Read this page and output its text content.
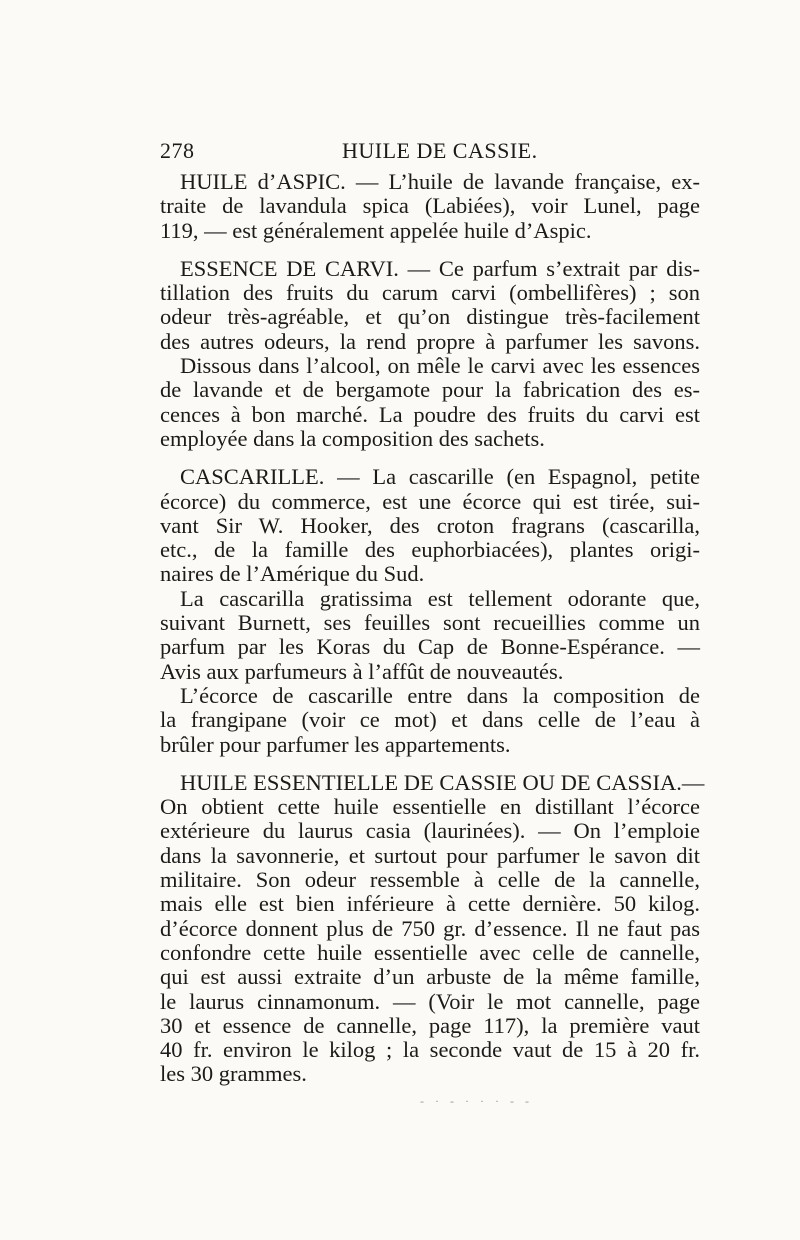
278	HUILE DE CASSIE.
HUILE d’ASPIC. — L’huile de lavande française, ex-
traite de lavandula spica (Labiées), voir Lunel, page
119, — est généralement appelée huile d’Aspic.
ESSENCE DE CARVI. — Ce parfum s’extrait par dis-
tillation des fruits du carum carvi (ombellifères) ; son
odeur très-agréable, et qu’on distingue très-facilement
des autres odeurs, la rend propre à parfumer les savons.
Dissous dans l’alcool, on mêle le carvi avec les essences
de lavande et de bergamote pour la fabrication des es-
cences à bon marché. La poudre des fruits du carvi est
employée dans la composition des sachets.
CASCARILLE. — La cascarille (en Espagnol, petite
écorce) du commerce, est une écorce qui est tirée, sui-
vant Sir W. Hooker, des croton fragrans (cascarilla,
etc., de la famille des euphorbiacées), plantes origi-
naires de l’Amérique du Sud.
La cascarilla gratissima est tellement odorante que,
suivant Burnett, ses feuilles sont recueillies comme un
parfum par les Koras du Cap de Bonne-Espérance. —
Avis aux parfumeurs à l’affût de nouveautés.
L’écorce de cascarille entre dans la composition de
la frangipane (voir ce mot) et dans celle de l’eau à
brûler pour parfumer les appartements.
HUILE ESSENTIELLE DE CASSIE OU DE CASSIA.—
On obtient cette huile essentielle en distillant l’écorce
extérieure du laurus casia (laurinées). — On l’emploie
dans la savonnerie, et surtout pour parfumer le savon dit
militaire. Son odeur ressemble à celle de la cannelle,
mais elle est bien inférieure à cette dernière. 50 kilog.
d’écorce donnent plus de 750 gr. d’essence. Il ne faut pas
confondre cette huile essentielle avec celle de cannelle,
qui est aussi extraite d’un arbuste de la même famille,
le laurus cinnamonum. — (Voir le mot cannelle, page
30 et essence de cannelle, page 117), la première vaut
40 fr. environ le kilog ; la seconde vaut de 15 à 20 fr.
les 30 grammes.
- · - · · · - -
